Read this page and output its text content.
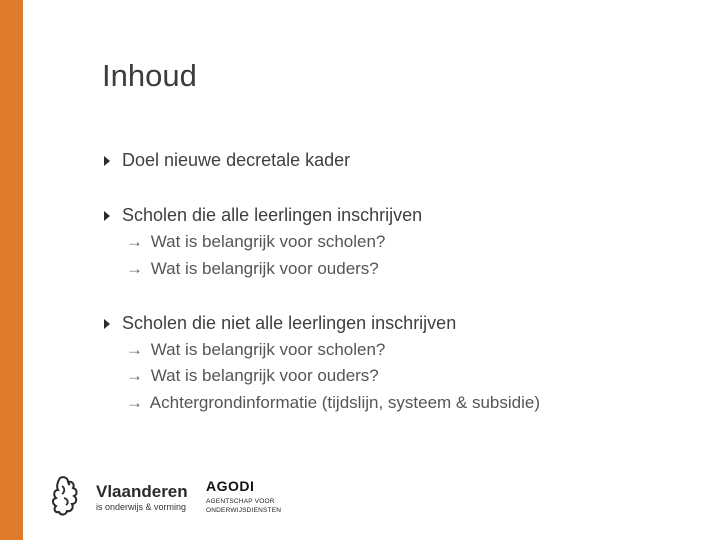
Inhoud
Doel nieuwe decretale kader
Scholen die alle leerlingen inschrijven
→ Wat is belangrijk voor scholen?
→ Wat is belangrijk voor ouders?
Scholen die niet alle leerlingen inschrijven
→ Wat is belangrijk voor scholen?
→ Wat is belangrijk voor ouders?
→ Achtergrondinformatie (tijdslijn, systeem & subsidie)
Vlaanderen
is onderwijs & vorming
AGODI
AGENTSCHAP VOOR
ONDERWIJSDIENSTEN
